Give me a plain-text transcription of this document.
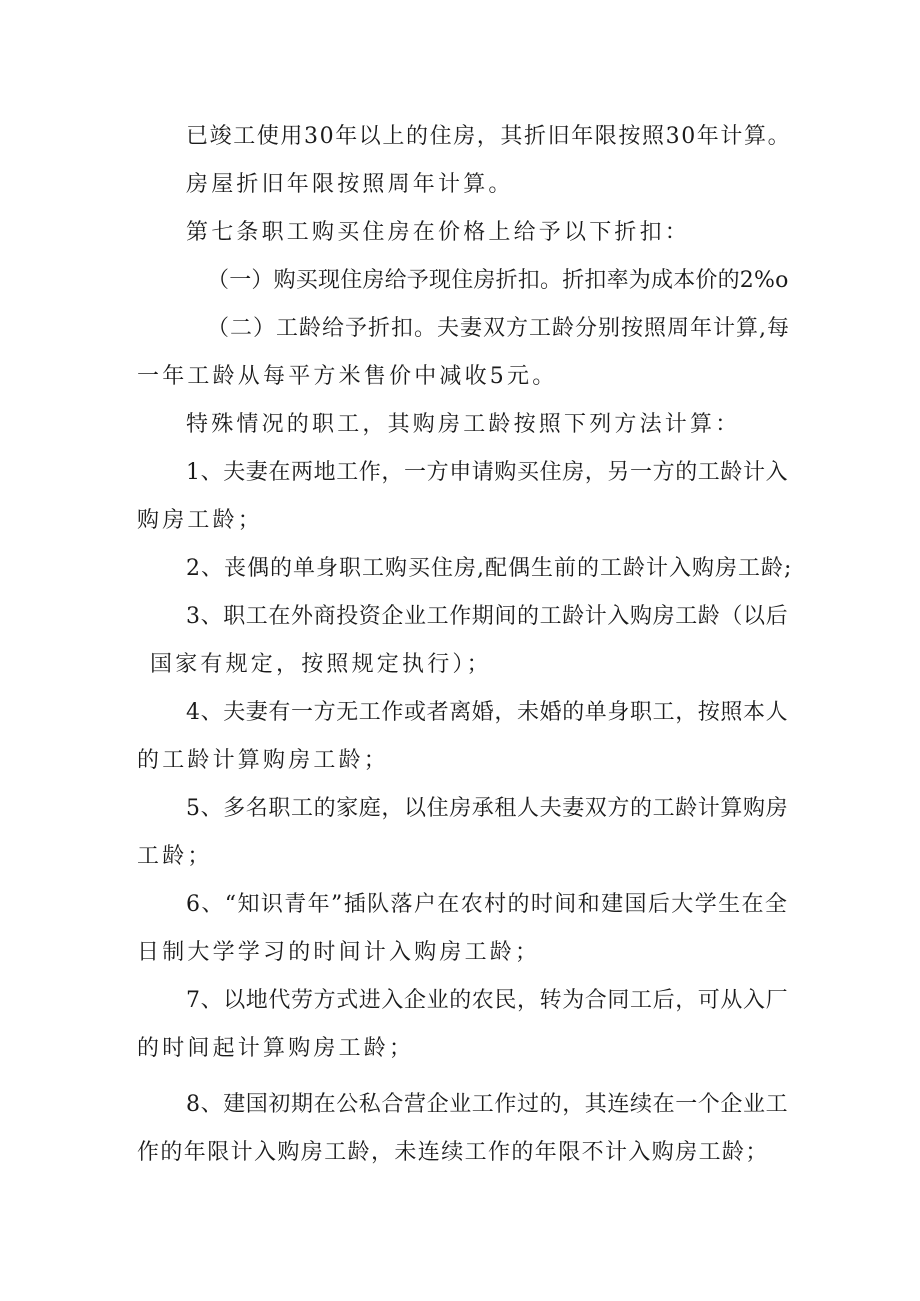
已竣工使用30年以上的住房，其折旧年限按照30年计算。
房屋折旧年限按照周年计算。
第七条职工购买住房在价格上给予以下折扣：
（一）购买现住房给予现住房折扣。折扣率为成本价的2%o
（二）工龄给予折扣。夫妻双方工龄分别按照周年计算,每
一年工龄从每平方米售价中减收5元。
特殊情况的职工，其购房工龄按照下列方法计算：
1、夫妻在两地工作，一方申请购买住房，另一方的工龄计入
购房工龄；
2、丧偶的单身职工购买住房,配偶生前的工龄计入购房工龄;
3、职工在外商投资企业工作期间的工龄计入购房工龄（以后
国家有规定，按照规定执行）；
4、夫妻有一方无工作或者离婚，未婚的单身职工，按照本人
的工龄计算购房工龄；
5、多名职工的家庭，以住房承租人夫妻双方的工龄计算购房
工龄；
6、“知识青年”插队落户在农村的时间和建国后大学生在全
日制大学学习的时间计入购房工龄；
7、以地代劳方式进入企业的农民，转为合同工后，可从入厂
的时间起计算购房工龄；
8、建国初期在公私合营企业工作过的，其连续在一个企业工
作的年限计入购房工龄，未连续工作的年限不计入购房工龄；
